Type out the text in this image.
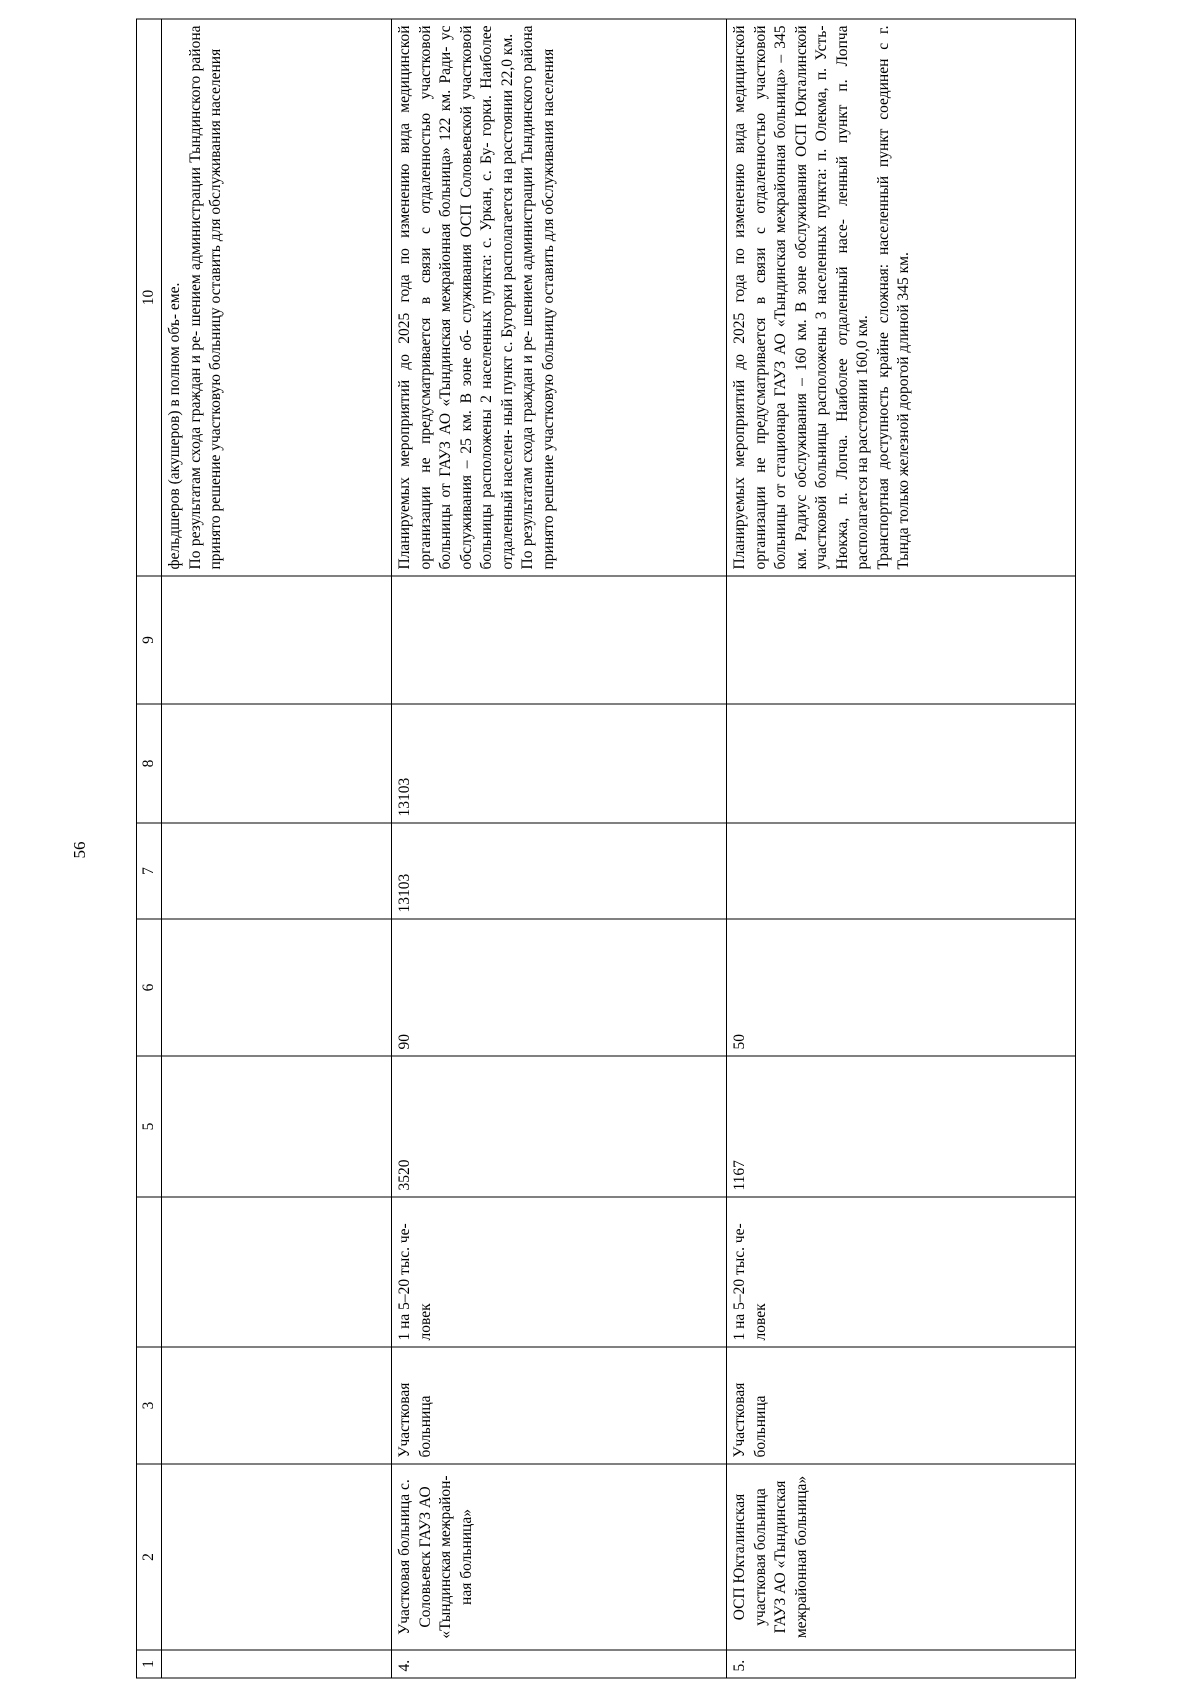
56
1	2	3		5	6	7	8	9	10

									фельдшеров (акушеров) в полном объ- еме. По результатам схода граждан и ре- шением администрации Тындинского района принято решение участковую больницу оставить для обслуживания населения

4.	Участковая больница с. Соловьевск ГАУЗ АО «Тындинская межрайон- ная больница»	Участковая больница	1 на 5–20 тыс. че- ловек	3520	90	13103	13103		Планируемых мероприятий до 2025 года по изменению вида медицинской организации не предусматривается в связи с отдаленностью участковой больницы от ГАУЗ АО «Тындинская межрайонная больница» 122 км. Ради- ус обслуживания – 25 км. В зоне об- служивания ОСП Соловьевской участковой больницы расположены 2 населенных пункта: с. Уркан, с. Бу- горки. Наиболее отдаленный населен- ный пункт с. Бугорки располагается на расстоянии 22,0 км. По результатам схода граждан и ре- шением администрации Тындинского района принято решение участковую больницу оставить для обслуживания населения

5.	ОСП Юкталинская участковая больница ГАУЗ АО «Тындинская межрайонная больница»	Участковая больница	1 на 5–20 тыс. че- ловек	1167	50				Планируемых мероприятий до 2025 года по изменению вида медицинской организации не предусматривается в связи с отдаленностью участковой больницы от стационара ГАУЗ АО «Тындинская межрайонная больница» – 345 км. Радиус обслуживания – 160 км. В зоне обслуживания ОСП Юкталинской участковой больницы расположены 3 населенных пункта: п. Олекма, п. Усть-Нюкжа, п. Лопча. Наиболее отдаленный насе- ленный пункт п. Лопча располагается на расстоянии 160,0 км. Транспортная доступность крайне сложная: населенный пункт соединен с г. Тында только железной дорогой длиной 345 км.
